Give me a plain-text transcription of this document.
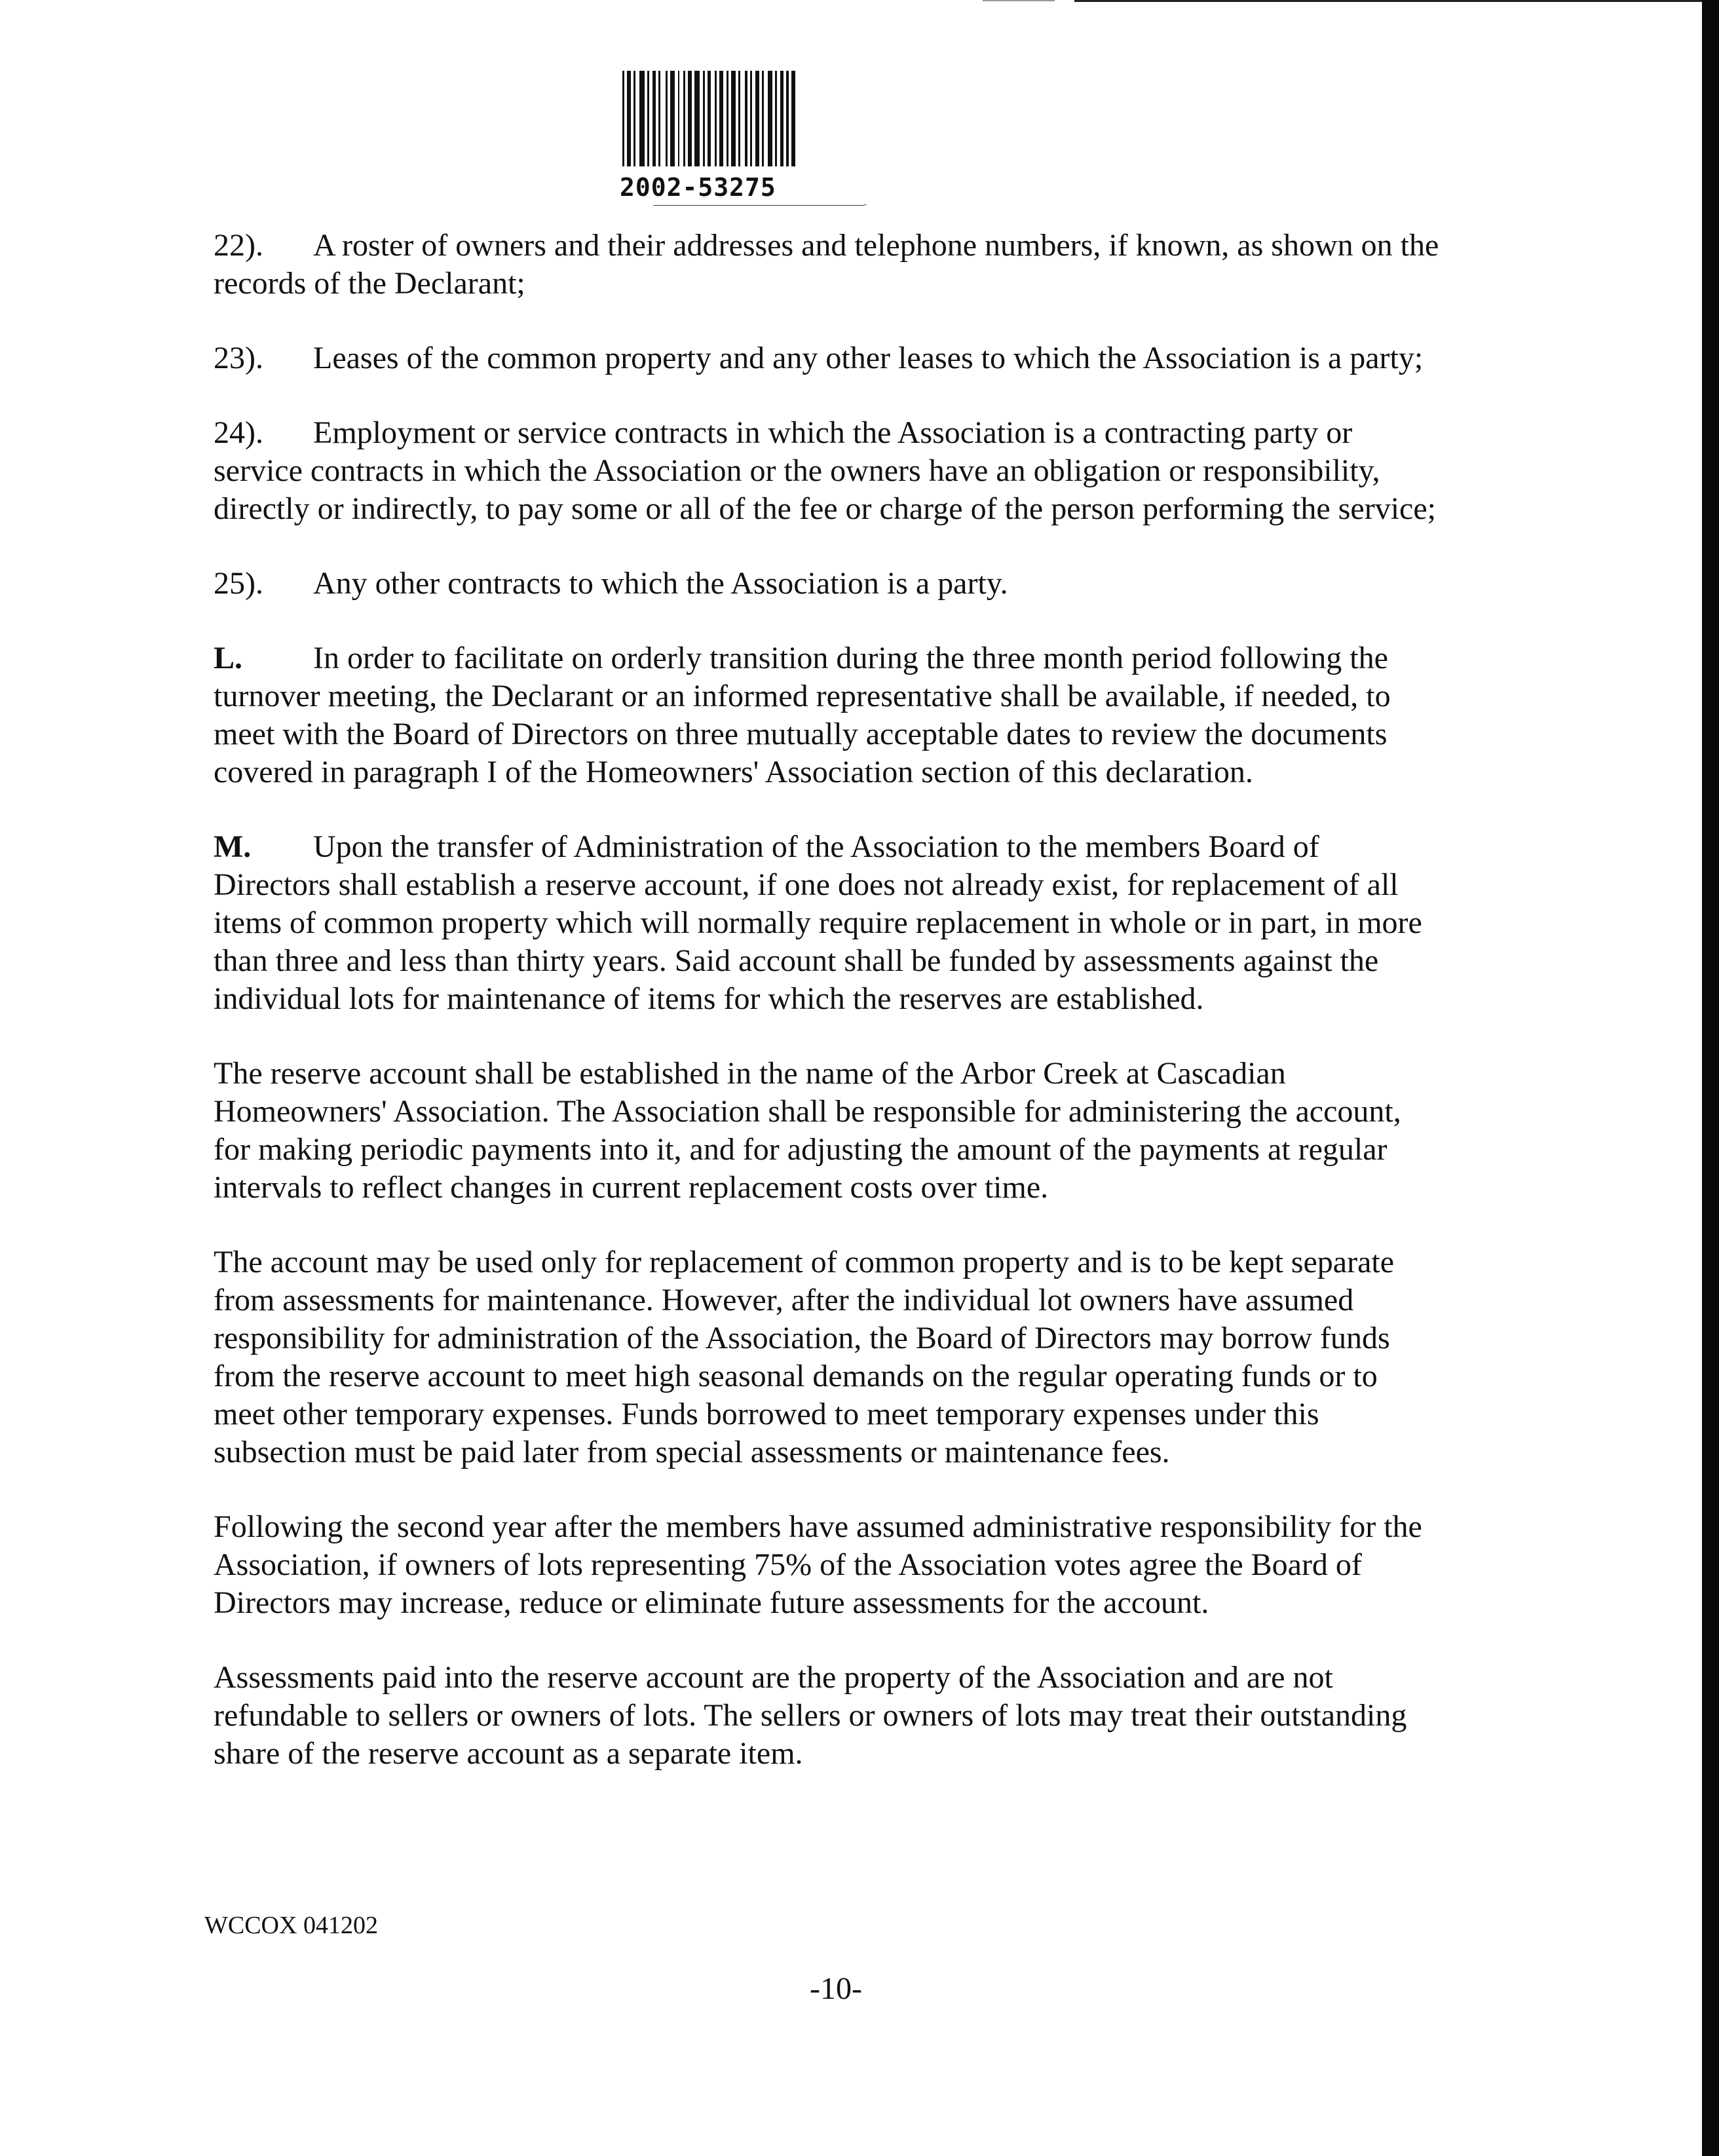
2002-53275
22). A roster of owners and their addresses and telephone numbers, if known, as shown on the
records of the Declarant;
23). Leases of the common property and any other leases to which the Association is a party;
24). Employment or service contracts in which the Association is a contracting party or
service contracts in which the Association or the owners have an obligation or responsibility,
directly or indirectly, to pay some or all of the fee or charge of the person performing the service;
25). Any other contracts to which the Association is a party.
L. In order to facilitate on orderly transition during the three month period following the
turnover meeting, the Declarant or an informed representative shall be available, if needed, to
meet with the Board of Directors on three mutually acceptable dates to review the documents
covered in paragraph I of the Homeowners' Association section of this declaration.
M. Upon the transfer of Administration of the Association to the members Board of
Directors shall establish a reserve account, if one does not already exist, for replacement of all
items of common property which will normally require replacement in whole or in part, in more
than three and less than thirty years. Said account shall be funded by assessments against the
individual lots for maintenance of items for which the reserves are established.
The reserve account shall be established in the name of the Arbor Creek at Cascadian
Homeowners' Association. The Association shall be responsible for administering the account,
for making periodic payments into it, and for adjusting the amount of the payments at regular
intervals to reflect changes in current replacement costs over time.
The account may be used only for replacement of common property and is to be kept separate
from assessments for maintenance. However, after the individual lot owners have assumed
responsibility for administration of the Association, the Board of Directors may borrow funds
from the reserve account to meet high seasonal demands on the regular operating funds or to
meet other temporary expenses. Funds borrowed to meet temporary expenses under this
subsection must be paid later from special assessments or maintenance fees.
Following the second year after the members have assumed administrative responsibility for the
Association, if owners of lots representing 75% of the Association votes agree the Board of
Directors may increase, reduce or eliminate future assessments for the account.
Assessments paid into the reserve account are the property of the Association and are not
refundable to sellers or owners of lots. The sellers or owners of lots may treat their outstanding
share of the reserve account as a separate item.
WCCOX 041202
-10-
